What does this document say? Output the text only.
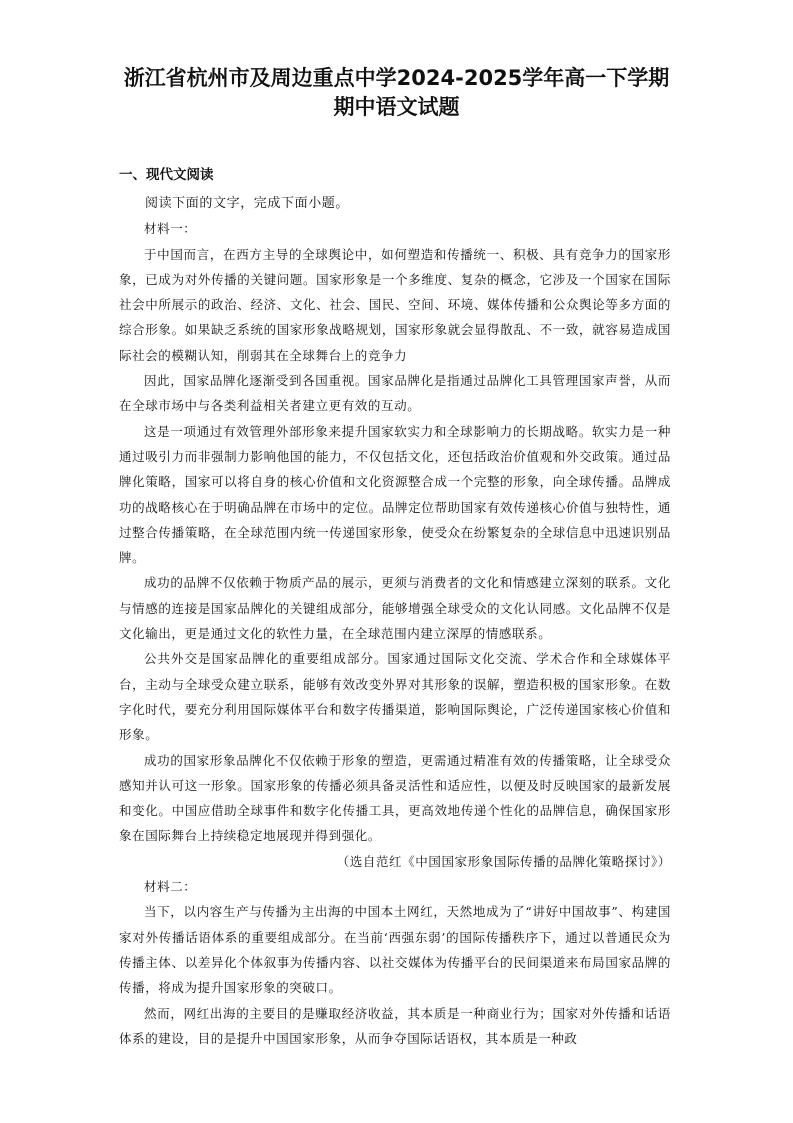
浙江省杭州市及周边重点中学2024-2025学年高一下学期
期中语文试题
一、现代文阅读

阅读下面的文字，完成下面小题。

材料一：

于中国而言，在西方主导的全球舆论中，如何塑造和传播统一、积极、具有竞争力的国家形象，已成为对外传播的关键问题。国家形象是一个多维度、复杂的概念，它涉及一个国家在国际社会中所展示的政治、经济、文化、社会、国民、空间、环境、媒体传播和公众舆论等多方面的综合形象。如果缺乏系统的国家形象战略规划，国家形象就会显得散乱、不一致，就容易造成国际社会的模糊认知，削弱其在全球舞台上的竞争力

因此，国家品牌化逐渐受到各国重视。国家品牌化是指通过品牌化工具管理国家声誉，从而在全球市场中与各类利益相关者建立更有效的互动。

这是一项通过有效管理外部形象来提升国家软实力和全球影响力的长期战略。软实力是一种通过吸引力而非强制力影响他国的能力，不仅包括文化，还包括政治价值观和外交政策。通过品牌化策略，国家可以将自身的核心价值和文化资源整合成一个完整的形象，向全球传播。品牌成功的战略核心在于明确品牌在市场中的定位。品牌定位帮助国家有效传递核心价值与独特性，通过整合传播策略，在全球范围内统一传递国家形象，使受众在纷繁复杂的全球信息中迅速识别品牌。

成功的品牌不仅依赖于物质产品的展示，更须与消费者的文化和情感建立深刻的联系。文化与情感的连接是国家品牌化的关键组成部分，能够增强全球受众的文化认同感。文化品牌不仅是文化输出，更是通过文化的软性力量，在全球范围内建立深厚的情感联系。

公共外交是国家品牌化的重要组成部分。国家通过国际文化交流、学术合作和全球媒体平台，主动与全球受众建立联系，能够有效改变外界对其形象的误解，塑造积极的国家形象。在数字化时代，要充分利用国际媒体平台和数字传播渠道，影响国际舆论，广泛传递国家核心价值和形象。

成功的国家形象品牌化不仅依赖于形象的塑造，更需通过精准有效的传播策略，让全球受众感知并认可这一形象。国家形象的传播必须具备灵活性和适应性，以便及时反映国家的最新发展和变化。中国应借助全球事件和数字化传播工具，更高效地传递个性化的品牌信息，确保国家形象在国际舞台上持续稳定地展现并得到强化。

（选自范红《中国国家形象国际传播的品牌化策略探讨》）

材料二：

当下，以内容生产与传播为主出海的中国本土网红，天然地成为了“讲好中国故事”、构建国家对外传播话语体系的重要组成部分。在当前‘西强东弱’的国际传播秩序下，通过以普通民众为传播主体、以差异化个体叙事为传播内容、以社交媒体为传播平台的民间渠道来布局国家品牌的传播，将成为提升国家形象的突破口。

然而，网红出海的主要目的是赚取经济收益，其本质是一种商业行为；国家对外传播和话语体系的建设，目的是提升中国国家形象，从而争夺国际话语权，其本质是一种政
